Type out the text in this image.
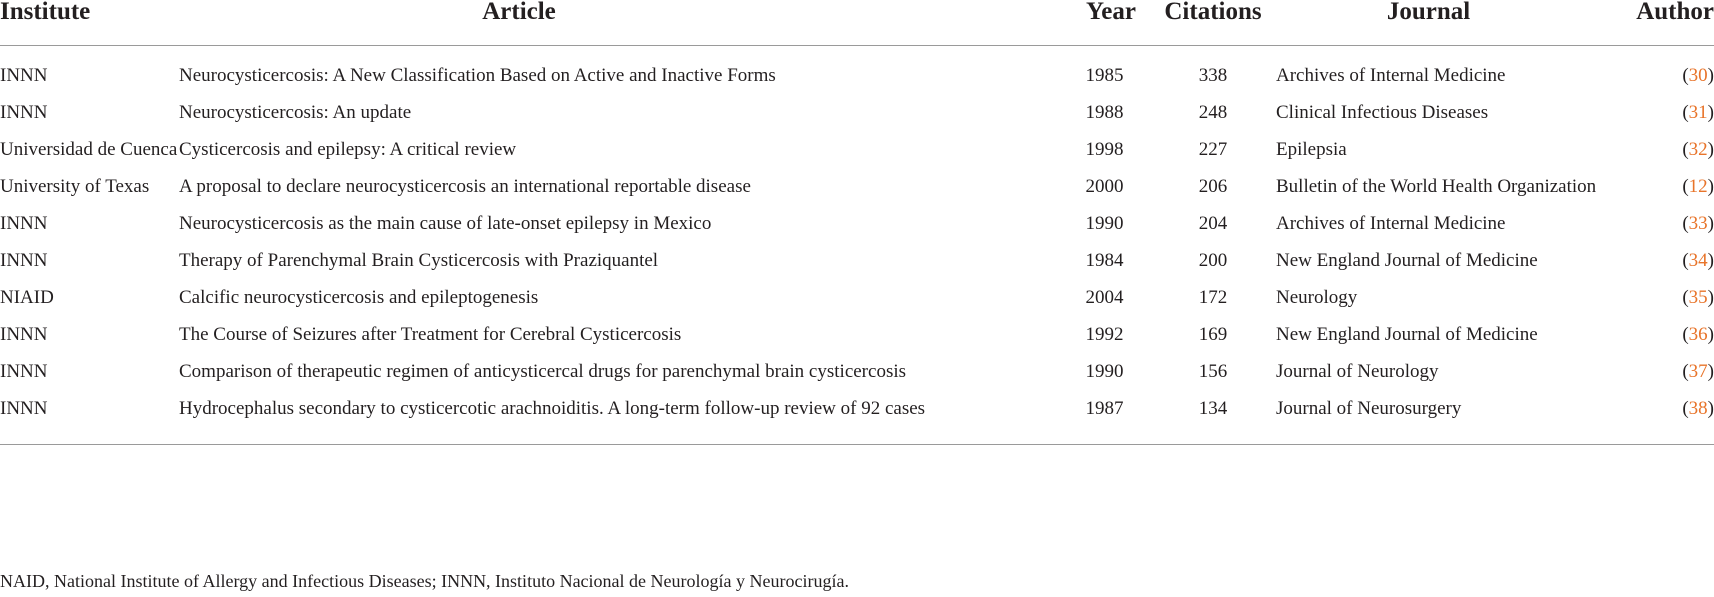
Institute	Article	Year	Citations	Journal	Author
INNN	Neurocysticercosis: A New Classification Based on Active and Inactive Forms	1985	338	Archives of Internal Medicine	(30)
INNN	Neurocysticercosis: An update	1988	248	Clinical Infectious Diseases	(31)
Universidad de Cuenca	Cysticercosis and epilepsy: A critical review	1998	227	Epilepsia	(32)
University of Texas	A proposal to declare neurocysticercosis an international reportable disease	2000	206	Bulletin of the World Health Organization	(12)
INNN	Neurocysticercosis as the main cause of late-onset epilepsy in Mexico	1990	204	Archives of Internal Medicine	(33)
INNN	Therapy of Parenchymal Brain Cysticercosis with Praziquantel	1984	200	New England Journal of Medicine	(34)
NIAID	Calcific neurocysticercosis and epileptogenesis	2004	172	Neurology	(35)
INNN	The Course of Seizures after Treatment for Cerebral Cysticercosis	1992	169	New England Journal of Medicine	(36)
INNN	Comparison of therapeutic regimen of anticysticercal drugs for parenchymal brain cysticercosis	1990	156	Journal of Neurology	(37)
INNN	Hydrocephalus secondary to cysticercotic arachnoiditis. A long-term follow-up review of 92 cases	1987	134	Journal of Neurosurgery	(38)
NAID, National Institute of Allergy and Infectious Diseases; INNN, Instituto Nacional de Neurología y Neurocirugía.
